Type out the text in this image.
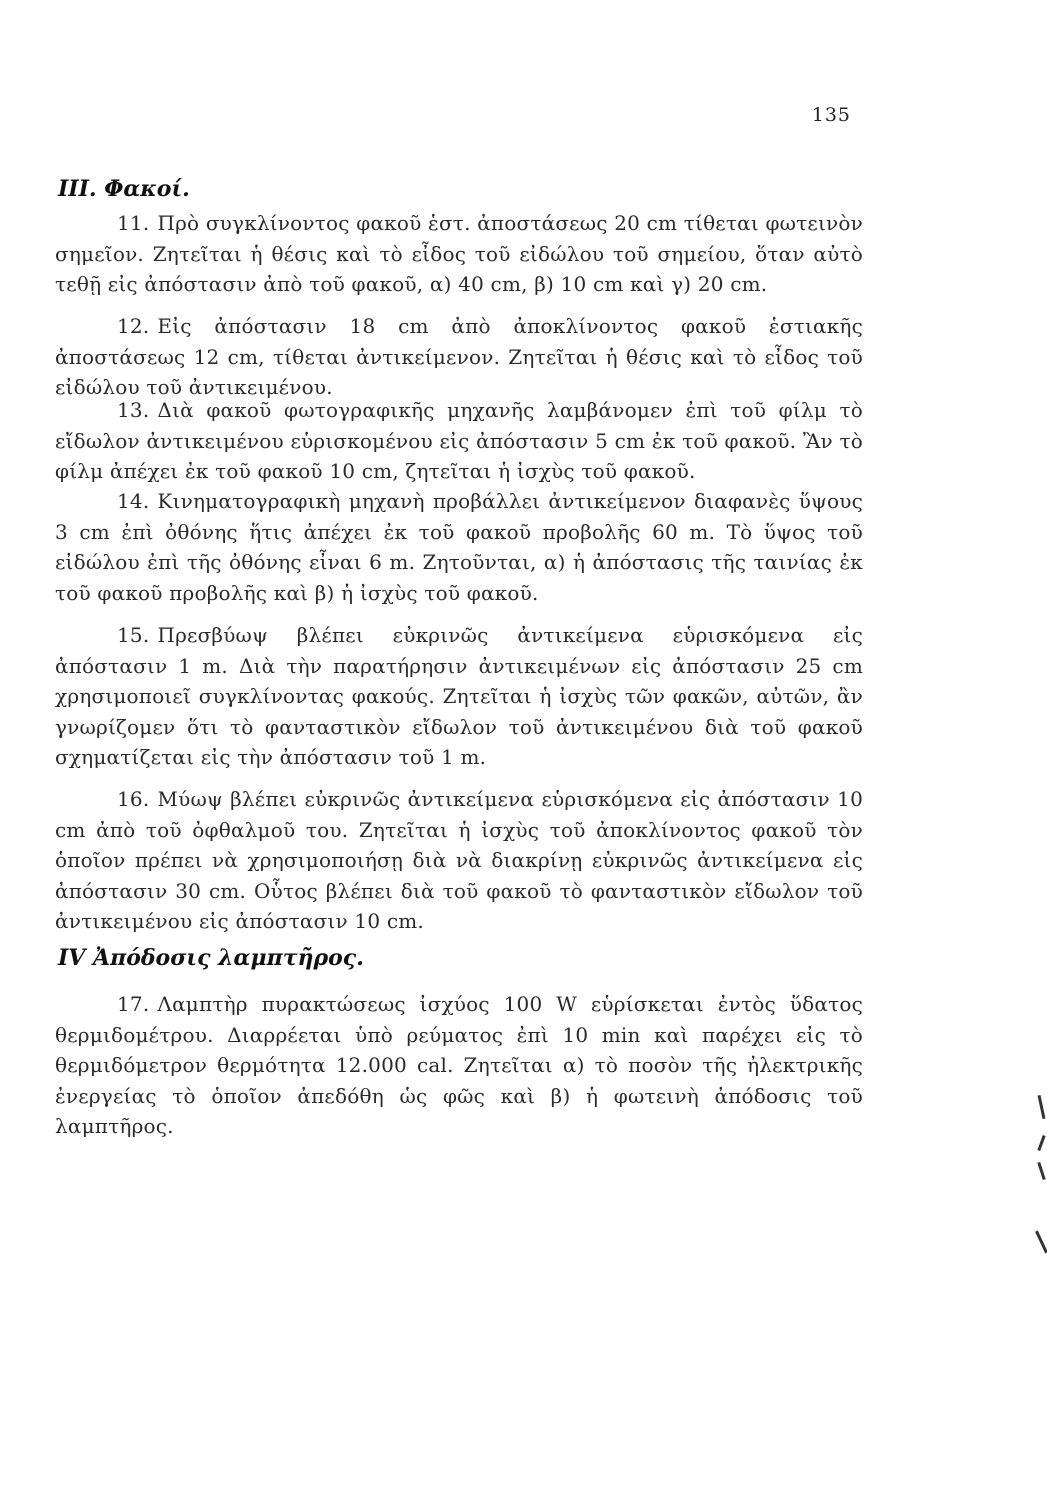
135
III. Φακοί.
11. Πρὸ συγκλίνοντος φακοῦ ἑστ. ἀποστάσεως 20 cm τίθεται φωτεινὸν σημεῖον. Ζητεῖται ἡ θέσις καὶ τὸ εἶδος τοῦ εἰδώλου τοῦ σημείου, ὅταν αὐτὸ τεθῇ εἰς ἀπόστασιν ἀπὸ τοῦ φακοῦ, α) 40 cm, β) 10 cm καὶ γ) 20 cm.
12. Εἰς ἀπόστασιν 18 cm ἀπὸ ἀποκλίνοντος φακοῦ ἑστιακῆς ἀποστάσεως 12 cm, τίθεται ἀντικείμενον. Ζητεῖται ἡ θέσις καὶ τὸ εἶδος τοῦ εἰδώλου τοῦ ἀντικειμένου.
13. Διὰ φακοῦ φωτογραφικῆς μηχανῆς λαμβάνομεν ἐπὶ τοῦ φίλμ τὸ εἴδωλον ἀντικειμένου εὑρισκομένου εἰς ἀπόστασιν 5 cm ἐκ τοῦ φακοῦ. Ἂν τὸ φίλμ ἀπέχει ἐκ τοῦ φακοῦ 10 cm, ζητεῖται ἡ ἰσχὺς τοῦ φακοῦ.
14. Κινηματογραφικὴ μηχανὴ προβάλλει ἀντικείμενον διαφανὲς ὕψους 3 cm ἐπὶ ὀθόνης ἥτις ἀπέχει ἐκ τοῦ φακοῦ προβολῆς 60 m. Τὸ ὕψος τοῦ εἰδώλου ἐπὶ τῆς ὀθόνης εἶναι 6 m. Ζητοῦνται, α) ἡ ἀπόστασις τῆς ταινίας ἐκ τοῦ φακοῦ προβολῆς καὶ β) ἡ ἰσχὺς τοῦ φακοῦ.
15. Πρεσβύωψ βλέπει εὐκρινῶς ἀντικείμενα εὑρισκόμενα εἰς ἀπόστασιν 1 m. Διὰ τὴν παρατήρησιν ἀντικειμένων εἰς ἀπόστασιν 25 cm χρησιμοποιεῖ συγκλίνοντας φακούς. Ζητεῖται ἡ ἰσχὺς τῶν φακῶν, αὐτῶν, ἂν γνωρίζομεν ὅτι τὸ φανταστικὸν εἴδωλον τοῦ ἀντικειμένου διὰ τοῦ φακοῦ σχηματίζεται εἰς τὴν ἀπόστασιν τοῦ 1 m.
16. Μύωψ βλέπει εὐκρινῶς ἀντικείμενα εὑρισκόμενα εἰς ἀπόστασιν 10 cm ἀπὸ τοῦ ὀφθαλμοῦ του. Ζητεῖται ἡ ἰσχὺς τοῦ ἀποκλίνοντος φακοῦ τὸν ὁποῖον πρέπει νὰ χρησιμοποιήσῃ διὰ νὰ διακρίνῃ εὐκρινῶς ἀντικείμενα εἰς ἀπόστασιν 30 cm. Οὗτος βλέπει διὰ τοῦ φακοῦ τὸ φανταστικὸν εἴδωλον τοῦ ἀντικειμένου εἰς ἀπόστασιν 10 cm.
IV Ἀπόδοσις λαμπτῆρος.
17. Λαμπτὴρ πυρακτώσεως ἰσχύος 100 W εὑρίσκεται ἐντὸς ὕδατος θερμιδομέτρου. Διαρρέεται ὑπὸ ρεύματος ἐπὶ 10 min καὶ παρέχει εἰς τὸ θερμιδόμετρον θερμότητα 12.000 cal. Ζητεῖται α) τὸ ποσὸν τῆς ἠλεκτρικῆς ἐνεργείας τὸ ὁποῖον ἀπεδόθη ὡς φῶς καὶ β) ἡ φωτεινὴ ἀπόδοσις τοῦ λαμπτῆρος.
